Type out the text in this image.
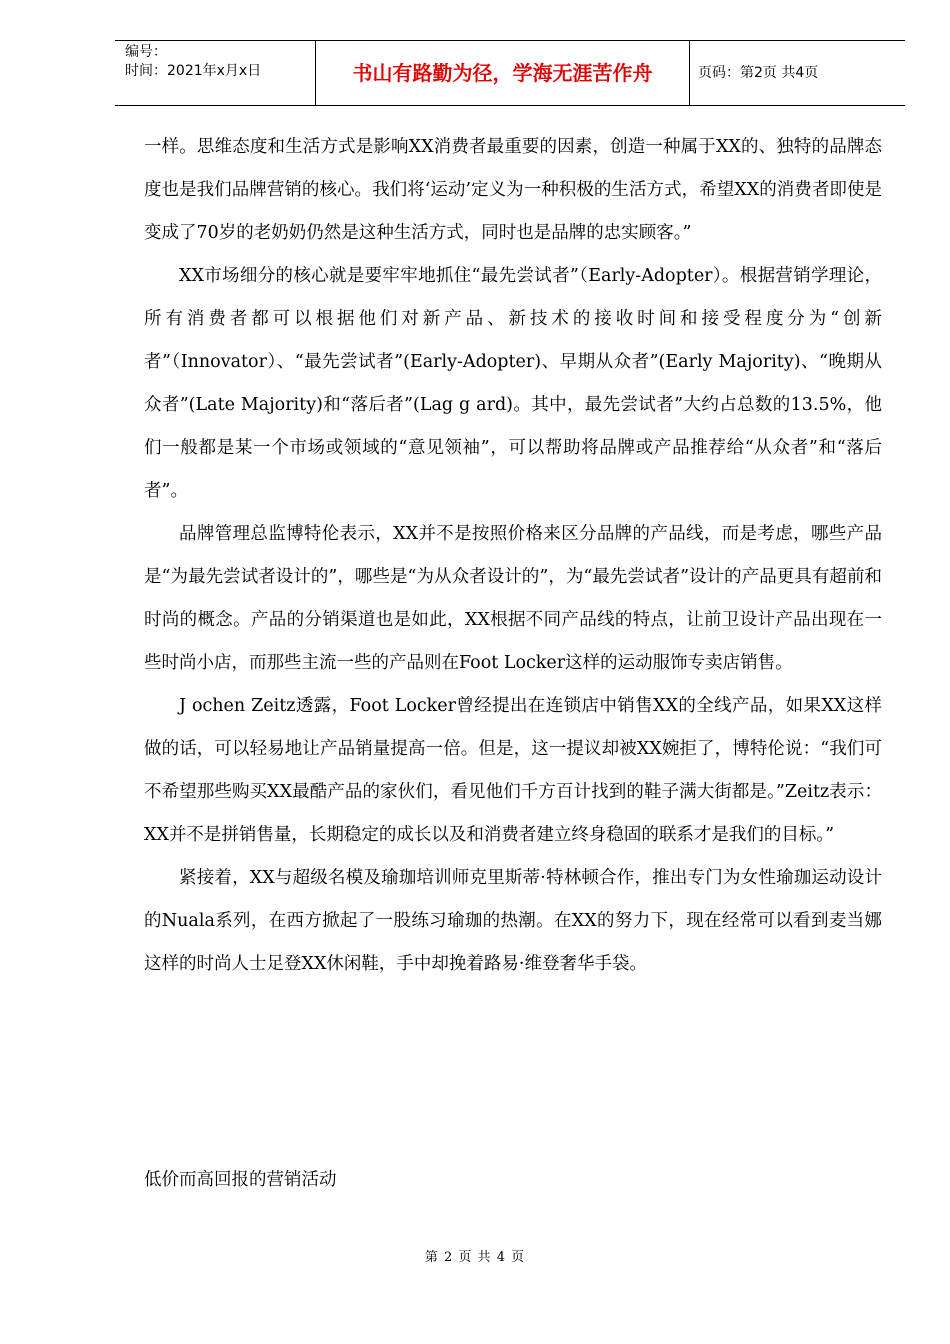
编号：
时间：2021年x月x日	书山有路勤为径，学海无涯苦作舟	页码：第2页 共4页

一样。思维态度和生活方式是影响XX消费者最重要的因素，创造一种属于XX的、独特的品牌态度也是我们品牌营销的核心。我们将‘运动’定义为一种积极的生活方式，希望XX的消费者即使是变成了70岁的老奶奶仍然是这种生活方式，同时也是品牌的忠实顾客。”

XX市场细分的核心就是要牢牢地抓住“最先尝试者”（Early-Adopter）。根据营销学理论，所有消费者都可以根据他们对新产品、新技术的接收时间和接受程度分为“创新者”（Innovator）、“最先尝试者”(Early-Adopter)、早期从众者”(Early Majority)、“晚期从众者”(Late Majority)和“落后者”(Lag g ard)。其中，最先尝试者”大约占总数的13.5%，他们一般都是某一个市场或领域的“意见领袖”，可以帮助将品牌或产品推荐给“从众者”和“落后者”。

品牌管理总监博特伦表示，XX并不是按照价格来区分品牌的产品线，而是考虑，哪些产品是“为最先尝试者设计的”，哪些是“为从众者设计的”，为“最先尝试者”设计的产品更具有超前和时尚的概念。产品的分销渠道也是如此，XX根据不同产品线的特点，让前卫设计产品出现在一些时尚小店，而那些主流一些的产品则在Foot Locker这样的运动服饰专卖店销售。

J ochen Zeitz透露，Foot Locker曾经提出在连锁店中销售XX的全线产品，如果XX这样做的话，可以轻易地让产品销量提高一倍。但是，这一提议却被XX婉拒了，博特伦说：“我们可不希望那些购买XX最酷产品的家伙们，看见他们千方百计找到的鞋子满大街都是。”Zeitz表示：XX并不是拼销售量，长期稳定的成长以及和消费者建立终身稳固的联系才是我们的目标。”

紧接着，XX与超级名模及瑜珈培训师克里斯蒂·特林顿合作，推出专门为女性瑜珈运动设计的Nuala系列，在西方掀起了一股练习瑜珈的热潮。在XX的努力下，现在经常可以看到麦当娜这样的时尚人士足登XX休闲鞋，手中却挽着路易·维登奢华手袋。

低价而高回报的营销活动
第 2 页 共 4 页
